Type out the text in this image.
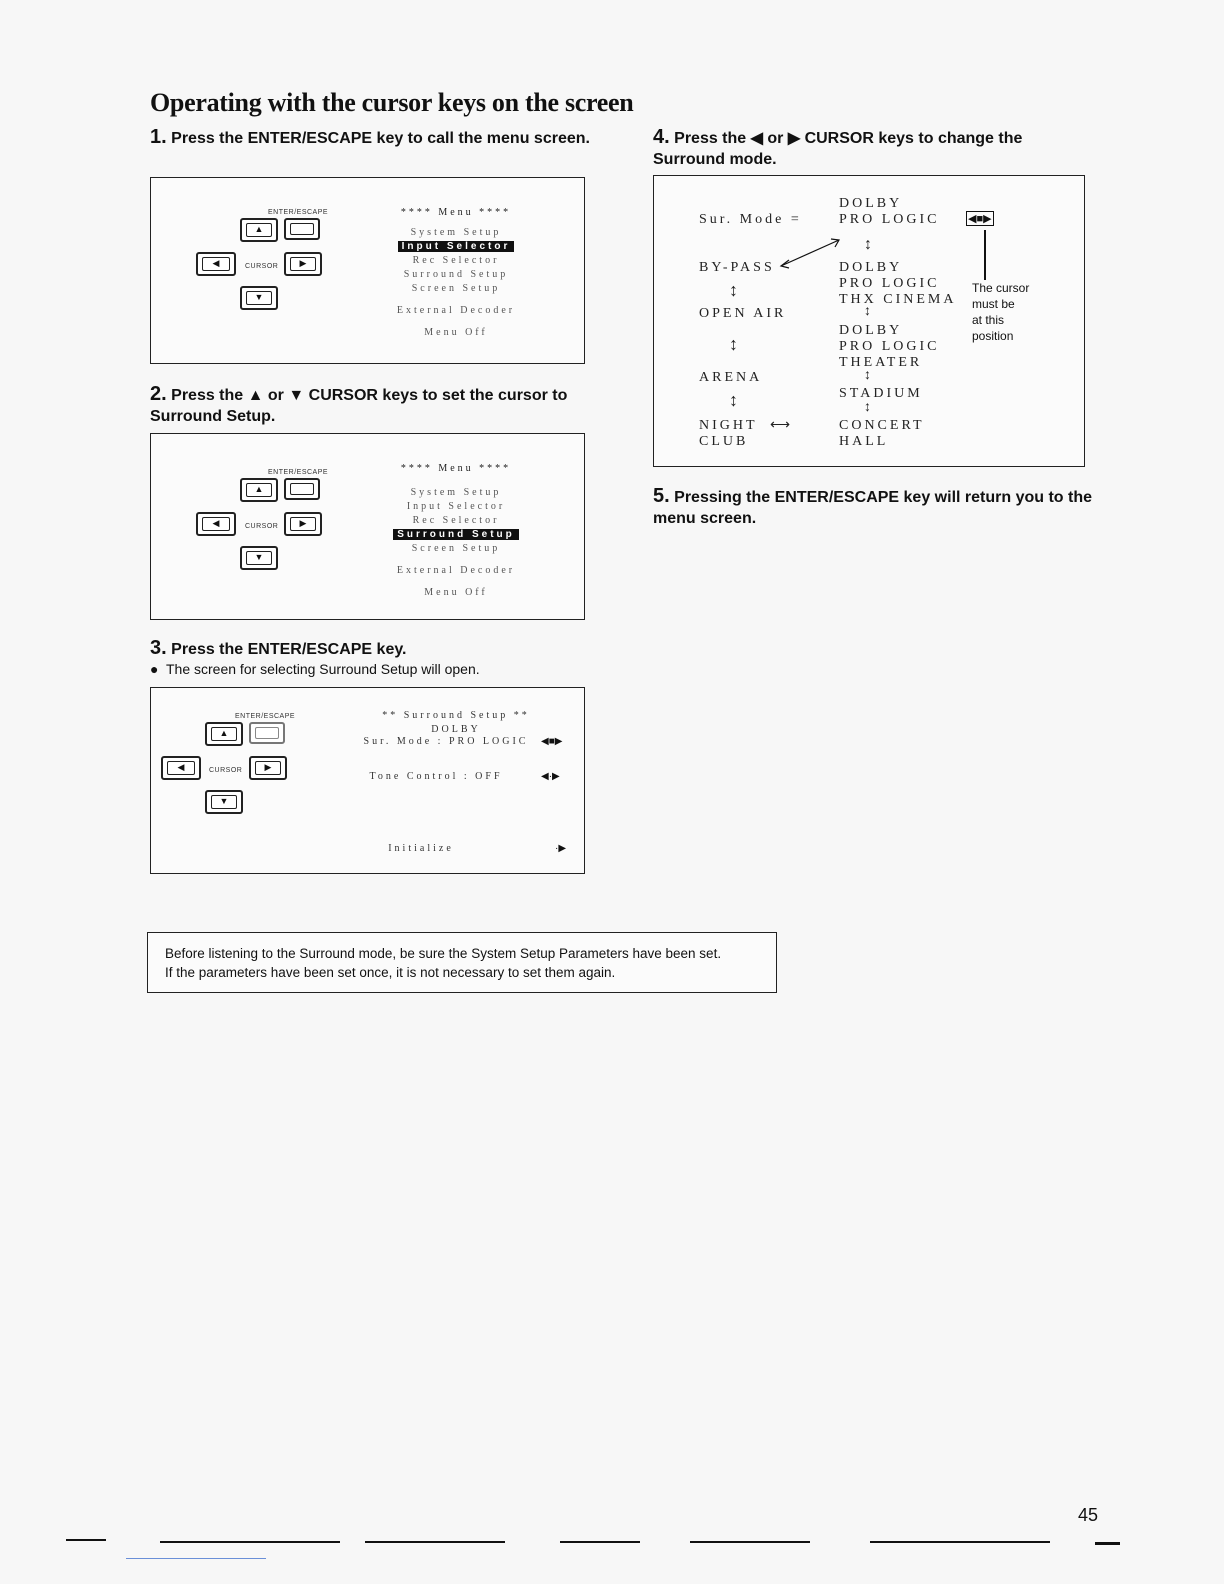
Operating with the cursor keys on the screen
1. Press the ENTER/ESCAPE key to call the menu screen.
ENTER/ESCAPE
▲
◀	CURSOR	▶
▼
**** Menu ****
System Setup
Input Selector
Rec Selector
Surround Setup
Screen Setup
External Decoder
Menu Off
2. Press the ▲ or ▼ CURSOR keys to set the cursor to Surround Setup.
ENTER/ESCAPE
▲
◀	CURSOR	▶
▼
**** Menu ****
System Setup
Input Selector
Rec Selector
Surround Setup
Screen Setup
External Decoder
Menu Off
3. Press the ENTER/ESCAPE key.
● The screen for selecting Surround Setup will open.
ENTER/ESCAPE
▲
◀	CURSOR	▶
▼
** Surround Setup **
DOLBY
Sur. Mode : PRO LOGIC	◀■▶
Tone Control : OFF	◀·▶
Initialize	·▶
4. Press the ◀ or ▶ CURSOR keys to change the Surround mode.
Sur. Mode =
DOLBY
PRO LOGIC	◀■▶
↕
BY-PASS	DOLBY
PRO LOGIC
THX CINEMA
The cursor
must be
at this
position
↕
OPEN AIR	↕
DOLBY
PRO LOGIC
THEATER
↕
ARENA	↕
STADIUM
↕	↕
NIGHT
CLUB
⟷	CONCERT
HALL
5. Pressing the ENTER/ESCAPE key will return you to the menu screen.
Before listening to the Surround mode, be sure the System Setup Parameters have been set.
If the parameters have been set once, it is not necessary to set them again.
45
